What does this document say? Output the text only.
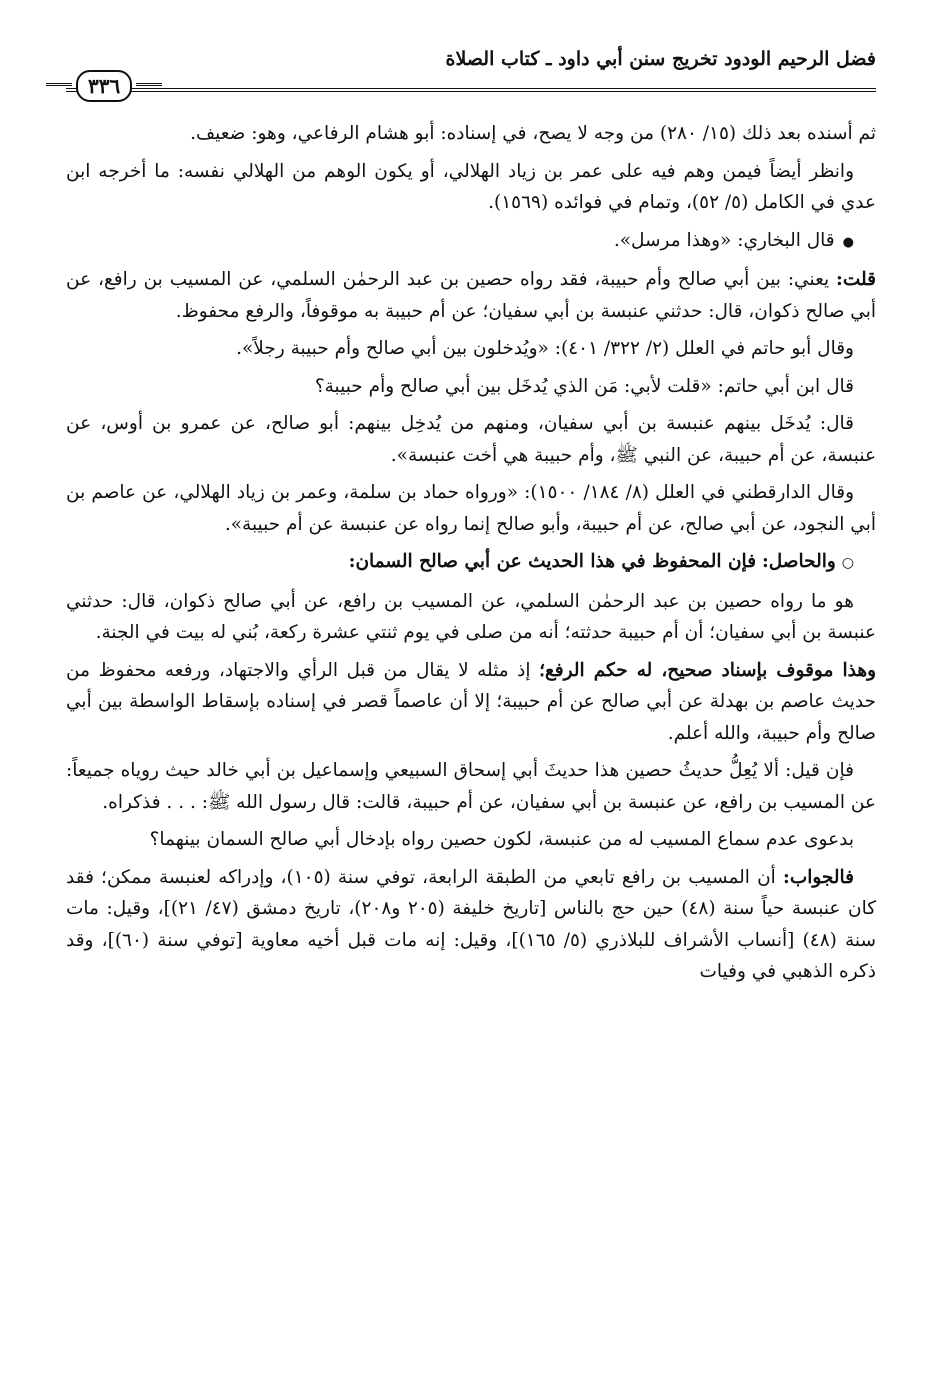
فضل الرحيم الودود تخريج سنن أبي داود ـ كتاب الصلاة
٣٣٦

ثم أسنده بعد ذلك (١٥/ ٢٨٠) من وجه لا يصح، في إسناده: أبو هشام الرفاعي، وهو: ضعيف.

وانظر أيضاً فيمن وهم فيه على عمر بن زياد الهلالي، أو يكون الوهم من الهلالي نفسه: ما أخرجه ابن عدي في الكامل (٥/ ٥٢)، وتمام في فوائده (١٥٦٩).

● قال البخاري: «وهذا مرسل».

قلت: يعني: بين أبي صالح وأم حبيبة، فقد رواه حصين بن عبد الرحمٰن السلمي، عن المسيب بن رافع، عن أبي صالح ذكوان، قال: حدثني عنبسة بن أبي سفيان؛ عن أم حبيبة به موقوفاً، والرفع محفوظ.

وقال أبو حاتم في العلل (٢/ ٣٢٢/ ٤٠١): «ويُدخلون بين أبي صالح وأم حبيبة رجلاً».

قال ابن أبي حاتم: «قلت لأبي: مَن الذي يُدخَل بين أبي صالح وأم حبيبة؟

قال: يُدخَل بينهم عنبسة بن أبي سفيان، ومنهم من يُدخِل بينهم: أبو صالح، عن عمرو بن أوس، عن عنبسة، عن أم حبيبة، عن النبي ﷺ، وأم حبيبة هي أخت عنبسة».

وقال الدارقطني في العلل (٨/ ١٨٤/ ١٥٠٠): «ورواه حماد بن سلمة، وعمر بن زياد الهلالي، عن عاصم بن أبي النجود، عن أبي صالح، عن أم حبيبة، وأبو صالح إنما رواه عن عنبسة عن أم حبيبة».

○ والحاصل: فإن المحفوظ في هذا الحديث عن أبي صالح السمان:

هو ما رواه حصين بن عبد الرحمٰن السلمي، عن المسيب بن رافع، عن أبي صالح ذكوان، قال: حدثني عنبسة بن أبي سفيان؛ أن أم حبيبة حدثته؛ أنه من صلى في يوم ثنتي عشرة ركعة، بُني له بيت في الجنة.

وهذا موقوف بإسناد صحيح، له حكم الرفع؛ إذ مثله لا يقال من قبل الرأي والاجتهاد، ورفعه محفوظ من حديث عاصم بن بهدلة عن أبي صالح عن أم حبيبة؛ إلا أن عاصماً قصر في إسناده بإسقاط الواسطة بين أبي صالح وأم حبيبة، والله أعلم.

فإن قيل: ألا يُعِلُّ حديثُ حصين هذا حديثَ أبي إسحاق السبيعي وإسماعيل بن أبي خالد حيث روياه جميعاً: عن المسيب بن رافع، عن عنبسة بن أبي سفيان، عن أم حبيبة، قالت: قال رسول الله ﷺ: . . . فذكراه.

بدعوى عدم سماع المسيب له من عنبسة، لكون حصين رواه بإدخال أبي صالح السمان بينهما؟

فالجواب: أن المسيب بن رافع تابعي من الطبقة الرابعة، توفي سنة (١٠٥)، وإدراكه لعنبسة ممكن؛ فقد كان عنبسة حياً سنة (٤٨) حين حج بالناس [تاريخ خليفة (٢٠٥ و٢٠٨)، تاريخ دمشق (٤٧/ ٢١)]، وقيل: مات سنة (٤٨) [أنساب الأشراف للبلاذري (٥/ ١٦٥)]، وقيل: إنه مات قبل أخيه معاوية [توفي سنة (٦٠)]، وقد ذكره الذهبي في وفيات
